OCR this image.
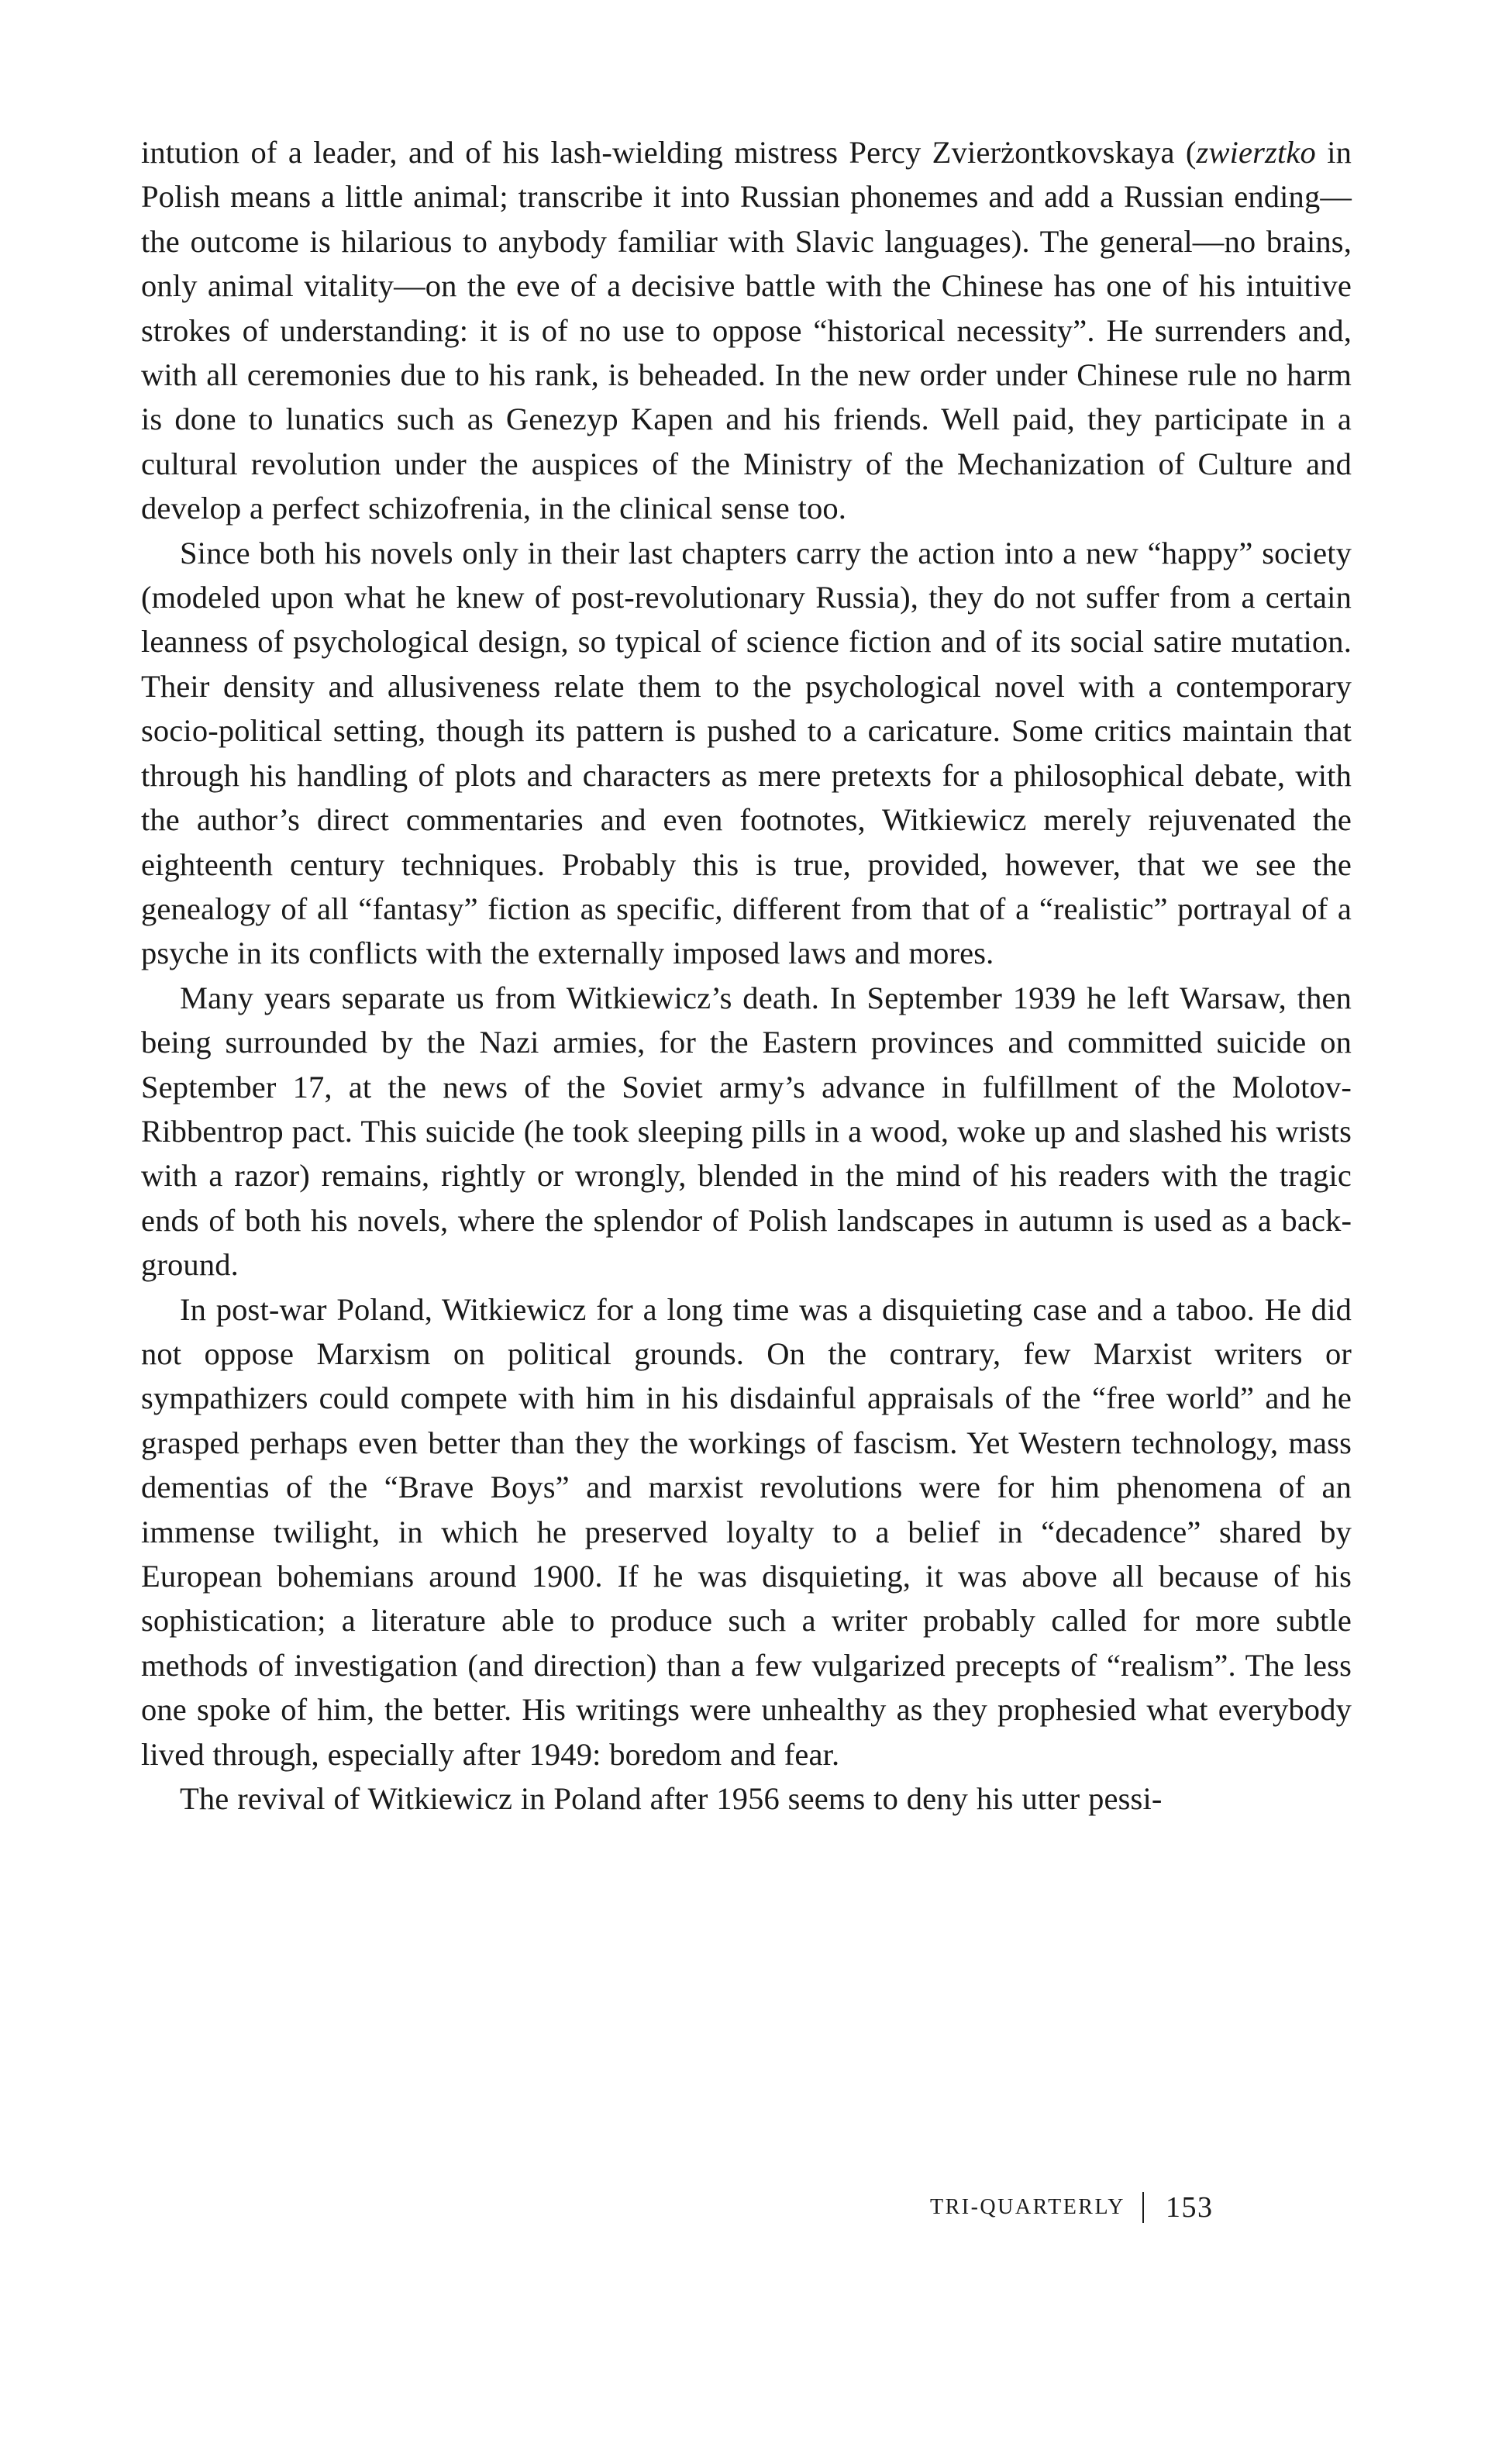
intution of a leader, and of his lash-wielding mistress Percy Zvierżontkovskaya (zwierztko in Polish means a little animal; transcribe it into Russian phonemes and add a Russian ending—the outcome is hilarious to anybody familiar with Slavic languages). The general—no brains, only animal vitality—on the eve of a decisive battle with the Chinese has one of his intuitive strokes of understanding: it is of no use to oppose “historical necessity”. He surrenders and, with all ceremonies due to his rank, is beheaded. In the new order under Chinese rule no harm is done to lunatics such as Genezyp Kapen and his friends. Well paid, they participate in a cultural revolution under the auspices of the Ministry of the Mechanization of Culture and develop a perfect schizofrenia, in the clinical sense too.

Since both his novels only in their last chapters carry the action into a new “happy” society (modeled upon what he knew of post-revolutionary Russia), they do not suffer from a certain leanness of psychological design, so typical of science fiction and of its social satire mutation. Their density and allusiveness relate them to the psychological novel with a contemporary socio-political setting, though its pattern is pushed to a caricature. Some critics maintain that through his handling of plots and characters as mere pretexts for a philosophical debate, with the author’s direct commentaries and even footnotes, Witkiewicz merely rejuvenated the eighteenth century techniques. Probably this is true, provided, however, that we see the genealogy of all “fantasy” fiction as specific, different from that of a “realistic” portrayal of a psyche in its conflicts with the externally imposed laws and mores.

Many years separate us from Witkiewicz’s death. In September 1939 he left Warsaw, then being surrounded by the Nazi armies, for the Eastern provinces and committed suicide on September 17, at the news of the Soviet army’s advance in fulfillment of the Molotov-Ribbentrop pact. This suicide (he took sleeping pills in a wood, woke up and slashed his wrists with a razor) remains, rightly or wrongly, blended in the mind of his readers with the tragic ends of both his novels, where the splendor of Polish landscapes in autumn is used as a background.

In post-war Poland, Witkiewicz for a long time was a disquieting case and a taboo. He did not oppose Marxism on political grounds. On the contrary, few Marxist writers or sympathizers could compete with him in his disdainful appraisals of the “free world” and he grasped perhaps even better than they the workings of fascism. Yet Western technology, mass dementias of the “Brave Boys” and marxist revolutions were for him phenomena of an immense twilight, in which he preserved loyalty to a belief in “decadence” shared by European bohemians around 1900. If he was disquieting, it was above all because of his sophistication; a literature able to produce such a writer probably called for more subtle methods of investigation (and direction) than a few vulgarized precepts of “realism”. The less one spoke of him, the better. His writings were unhealthy as they prophesied what everybody lived through, especially after 1949: boredom and fear.

The revival of Witkiewicz in Poland after 1956 seems to deny his utter pessi-

TRI-QUARTERLY 153
